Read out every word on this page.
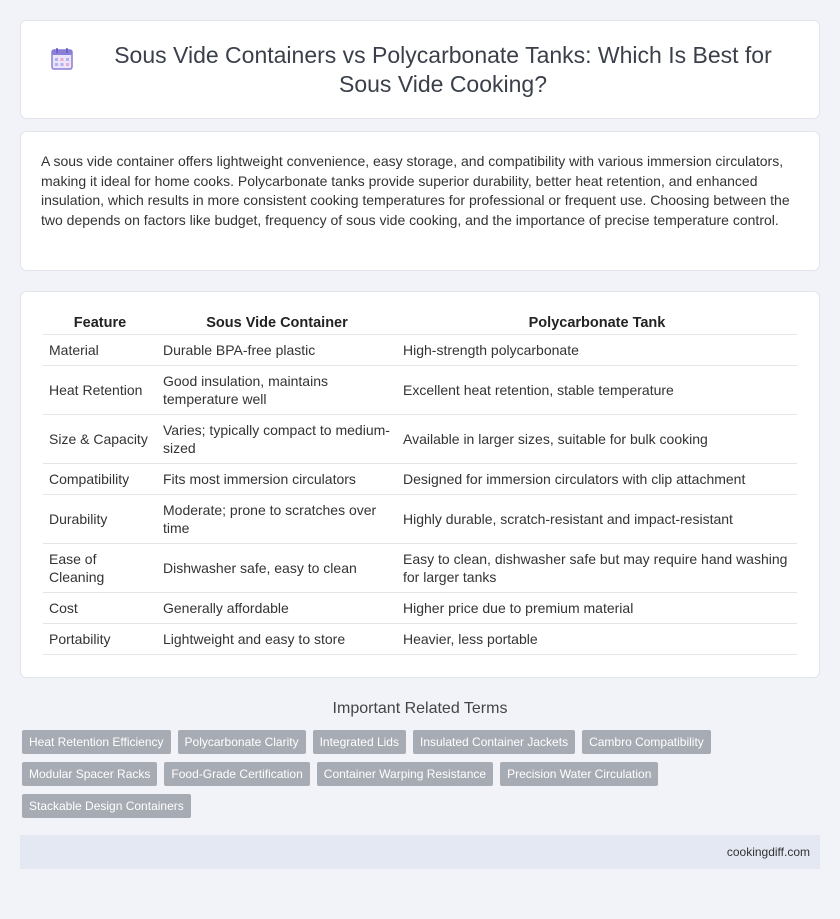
Sous Vide Containers vs Polycarbonate Tanks: Which Is Best for Sous Vide Cooking?

A sous vide container offers lightweight convenience, easy storage, and compatibility with various immersion circulators, making it ideal for home cooks. Polycarbonate tanks provide superior durability, better heat retention, and enhanced insulation, which results in more consistent cooking temperatures for professional or frequent use. Choosing between the two depends on factors like budget, frequency of sous vide cooking, and the importance of precise temperature control.

Feature	Sous Vide Container	Polycarbonate Tank
Material	Durable BPA-free plastic	High-strength polycarbonate
Heat Retention	Good insulation, maintains temperature well	Excellent heat retention, stable temperature
Size & Capacity	Varies; typically compact to medium-sized	Available in larger sizes, suitable for bulk cooking
Compatibility	Fits most immersion circulators	Designed for immersion circulators with clip attachment
Durability	Moderate; prone to scratches over time	Highly durable, scratch-resistant and impact-resistant
Ease of Cleaning	Dishwasher safe, easy to clean	Easy to clean, dishwasher safe but may require hand washing for larger tanks
Cost	Generally affordable	Higher price due to premium material
Portability	Lightweight and easy to store	Heavier, less portable
Important Related Terms
Heat Retention Efficiency	Polycarbonate Clarity	Integrated Lids	Insulated Container Jackets	Cambro Compatibility
Modular Spacer Racks	Food-Grade Certification	Container Warping Resistance	Precision Water Circulation
Stackable Design Containers
cookingdiff.com
